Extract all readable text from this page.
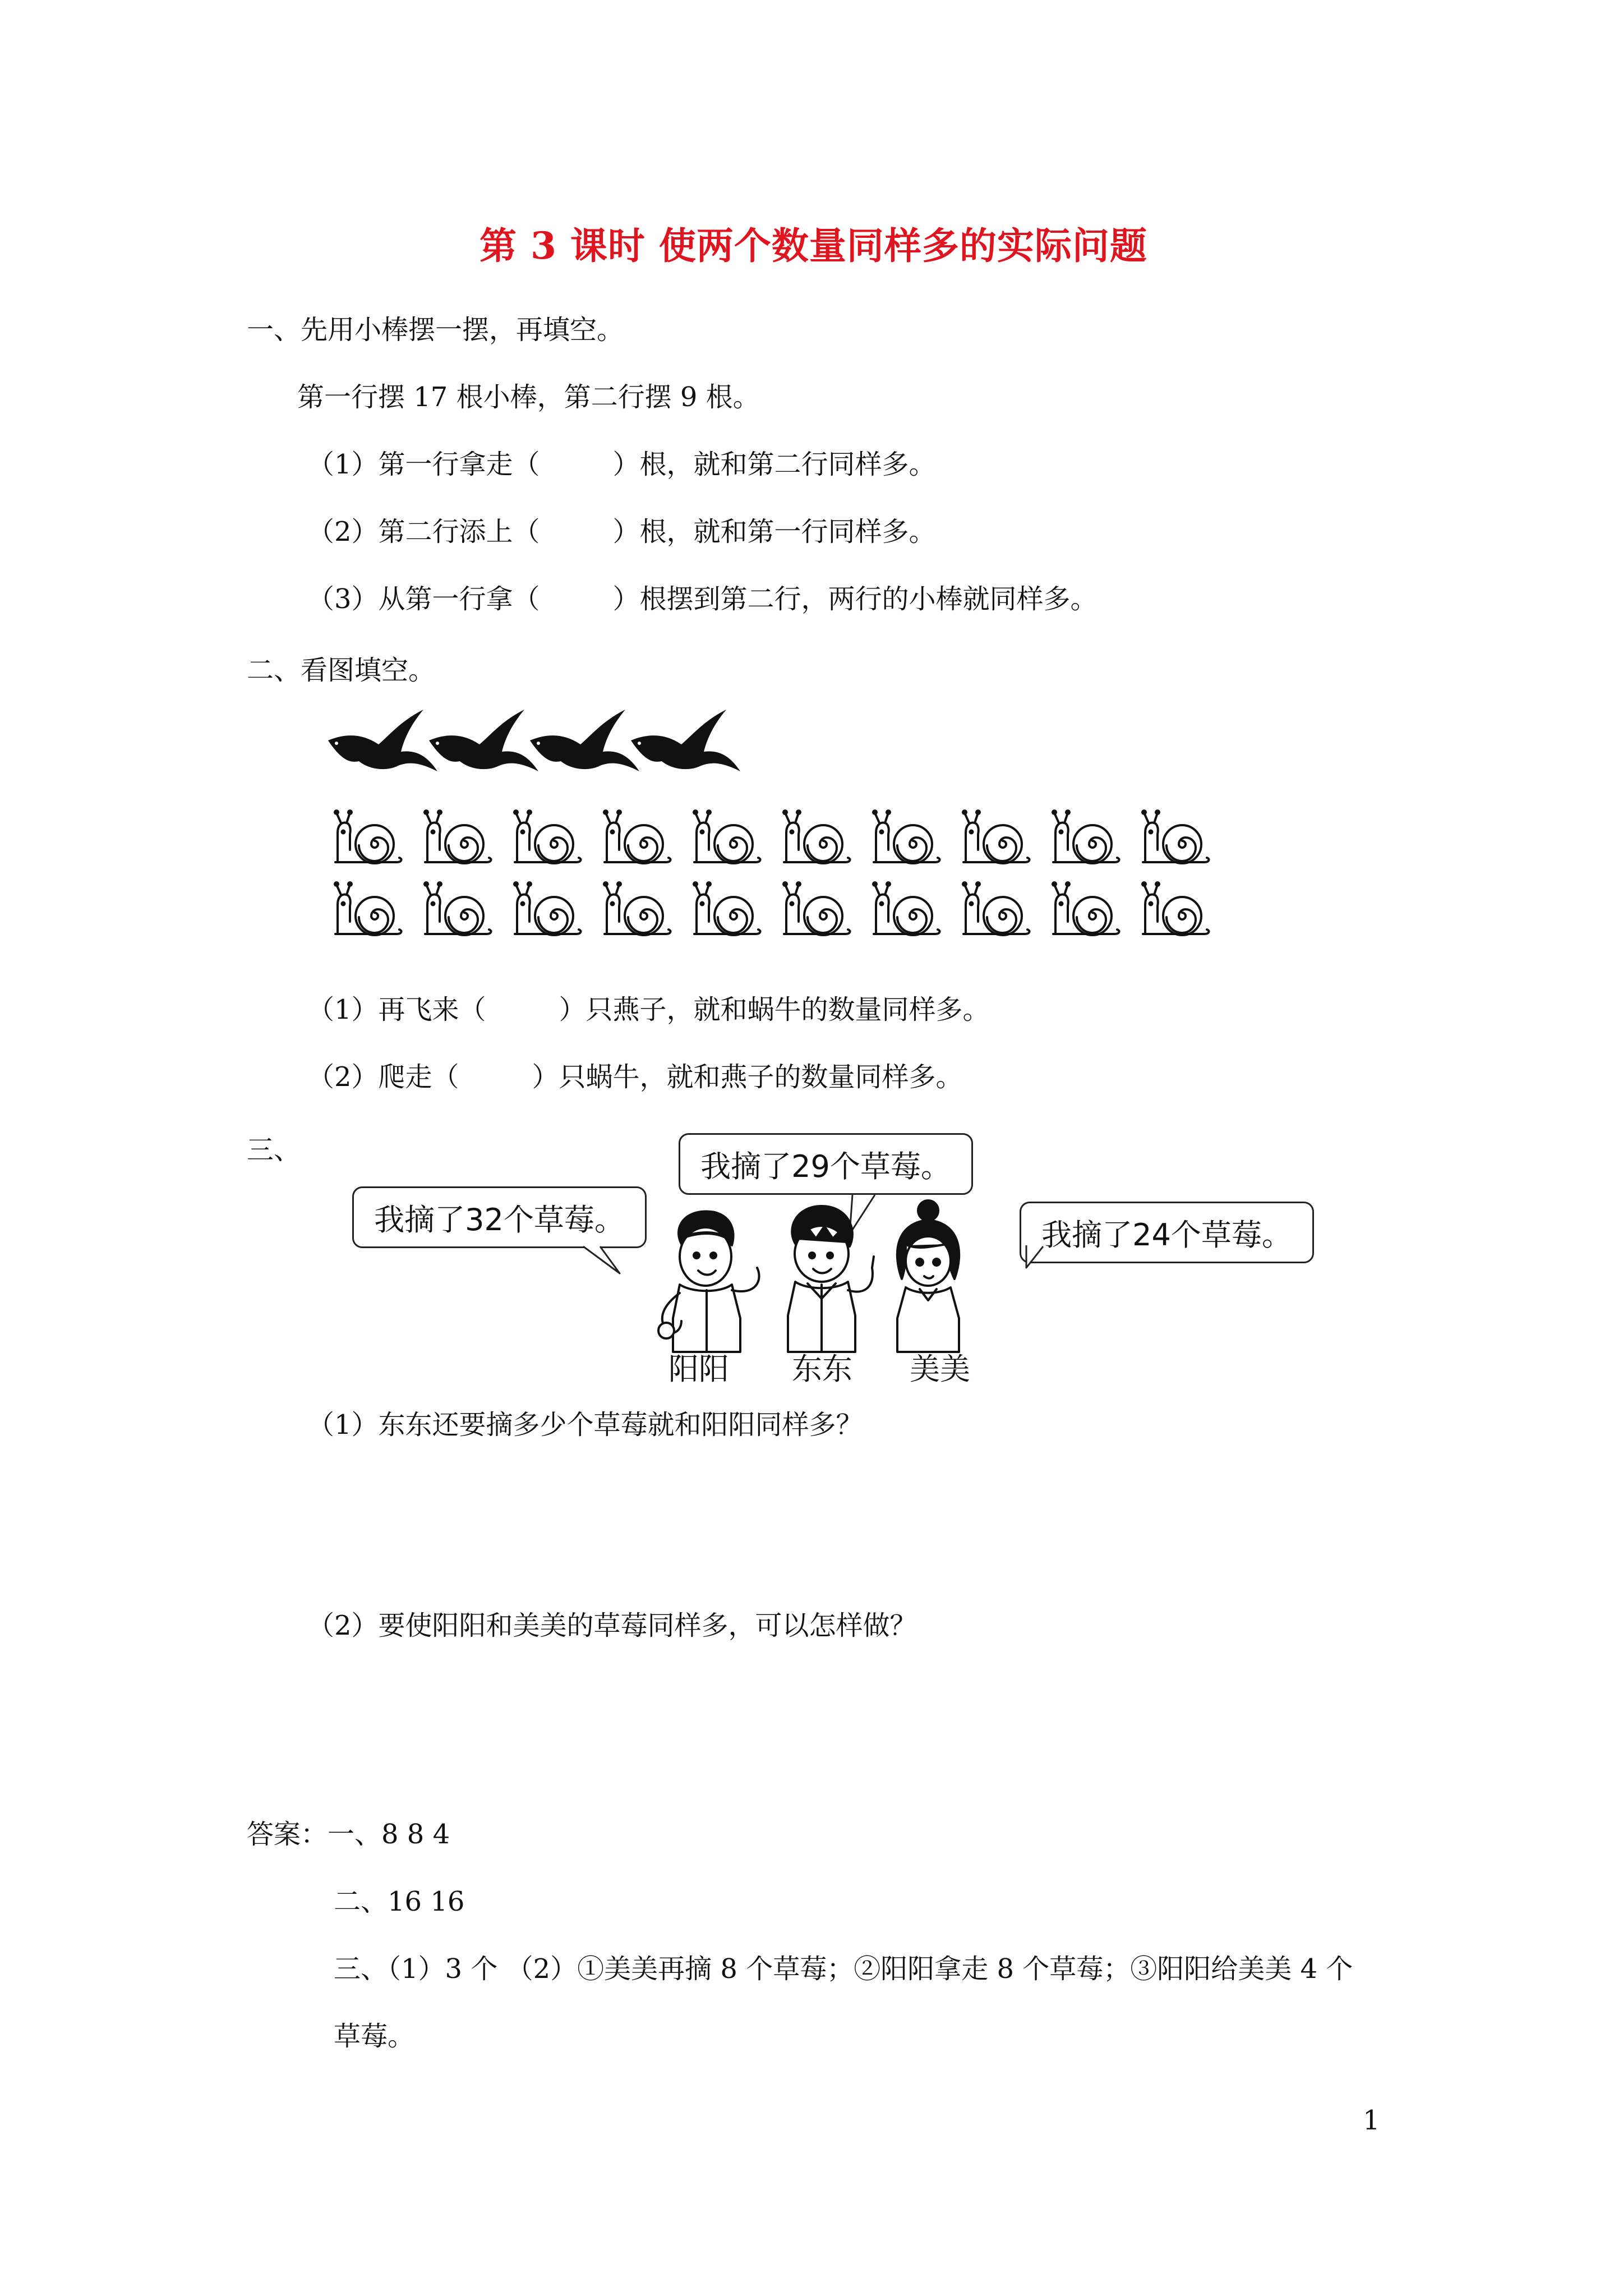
第 3 课时 使两个数量同样多的实际问题
一、先用小棒摆一摆，再填空。
第一行摆 17 根小棒，第二行摆 9 根。
（1）第一行拿走（	）根，就和第二行同样多。
（2）第二行添上（	）根，就和第一行同样多。
（3）从第一行拿（	）根摆到第二行，两行的小棒就同样多。
二、看图填空。
（1）再飞来（	）只燕子，就和蜗牛的数量同样多。
（2）爬走（	）只蜗牛，就和燕子的数量同样多。
三、
我摘了32个草莓。
我摘了29个草莓。
我摘了24个草莓。
阳阳 东东 美美
（1）东东还要摘多少个草莓就和阳阳同样多？
（2）要使阳阳和美美的草莓同样多，可以怎样做？
答案：一、8 8 4
二、16 16
三、（1）3 个 （2）①美美再摘 8 个草莓；②阳阳拿走 8 个草莓；③阳阳给美美 4 个
草莓。
1
